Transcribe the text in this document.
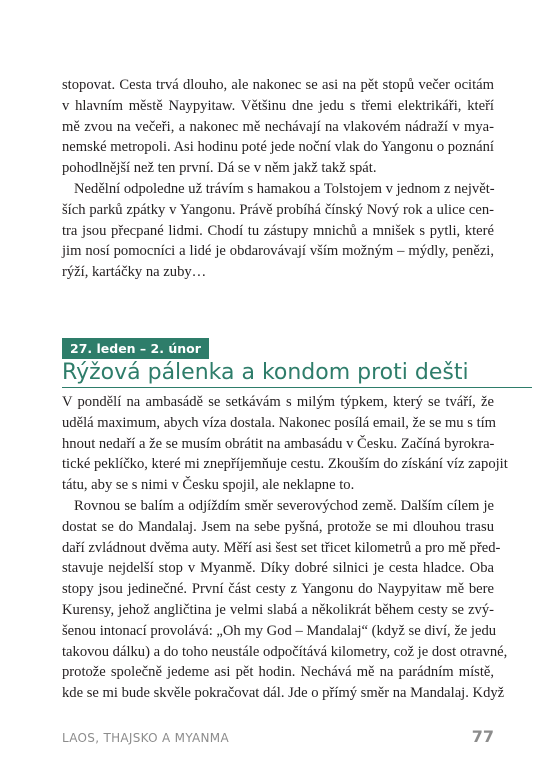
stopovat. Cesta trvá dlouho, ale nakonec se asi na pět stopů večer ocitám
v hlavním městě Naypyitaw. Většinu dne jedu s třemi elektrikáři, kteří
mě zvou na večeři, a nakonec mě nechávají na vlakovém nádraží v mya-
nemské metropoli. Asi hodinu poté jede noční vlak do Yangonu o poznání
pohodlnější než ten první. Dá se v něm jakž takž spát.

Nedělní odpoledne už trávím s hamakou a Tolstojem v jednom z největ-
ších parků zpátky v Yangonu. Právě probíhá čínský Nový rok a ulice cen-
tra jsou přecpané lidmi. Chodí tu zástupy mnichů a mnišek s pytli, které
jim nosí pomocníci a lidé je obdarovávají vším možným – mýdly, penězi,
rýží, kartáčky na zuby…

27. leden – 2. únor
Rýžová pálenka a kondom proti dešti

V pondělí na ambasádě se setkávám s milým týpkem, který se tváří, že
udělá maximum, abych víza dostala. Nakonec posílá email, že se mu s tím
hnout nedaří a že se musím obrátit na ambasádu v Česku. Začíná byrokra-
tické peklíčko, které mi znepříjemňuje cestu. Zkouším do získání víz zapojit
tátu, aby se s nimi v Česku spojil, ale neklapne to.

Rovnou se balím a odjíždím směr severovýchod země. Dalším cílem je
dostat se do Mandalaj. Jsem na sebe pyšná, protože se mi dlouhou trasu
daří zvládnout dvěma auty. Měří asi šest set třicet kilometrů a pro mě před-
stavuje nejdelší stop v Myanmě. Díky dobré silnici je cesta hladce. Oba
stopy jsou jedinečné. První část cesty z Yangonu do Naypyitaw mě bere
Kurensy, jehož angličtina je velmi slabá a několikrát během cesty se zvý-
šenou intonací provolává: „Oh my God – Mandalaj“ (když se diví, že jedu
takovou dálku) a do toho neustále odpočítává kilometry, což je dost otravné,
protože společně jedeme asi pět hodin. Nechává mě na parádním místě,
kde se mi bude skvěle pokračovat dál. Jde o přímý směr na Mandalaj. Když

LAOS, THAJSKO A MYANMA	77
